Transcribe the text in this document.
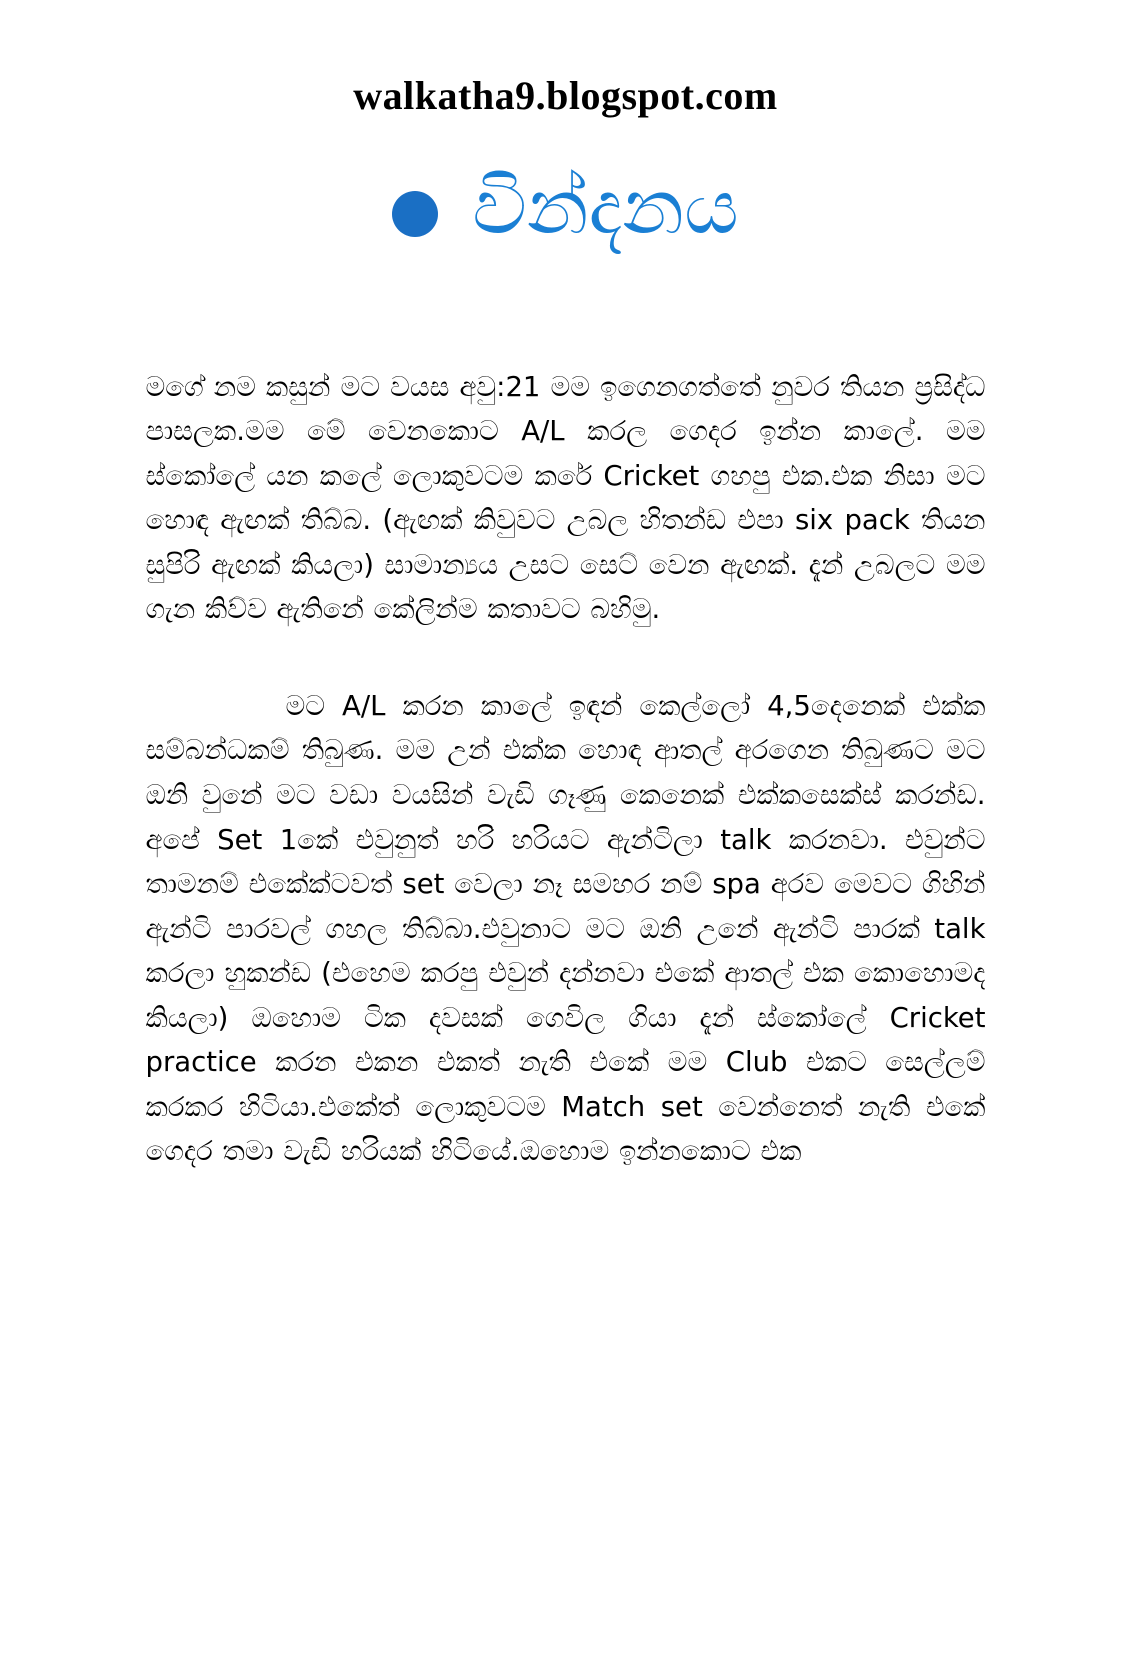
walkatha9.blogspot.com
වින්දනය

මගේ නම කසුන් මට වයස අවු:21 මම ඉගෙනගත්තේ නුවර තියන ප්‍රසිද්ධ පාසලක.මම මේ වෙනකොට A/L කරල ගෙදර ඉන්න කාලේ. මම ස්කෝලේ යන කලේ ලොකුවටම කරේ Cricket ගහපු එක.එක නිසා මට හොඳ ඇඟක් තිබ්බ. (ඇඟක් කිවුවට උබල හිතන්ඩ එපා six pack තියන සුපිරි ඇඟක් කියලා) සාමාන්‍යය උසට සෙට් වෙන ඇඟක්. දැන් උබලට මම ගැන කිව්ව ඇතිනේ කේලින්ම කතාවට බහිමු.

මට A/L කරන කාලේ ඉඳන් කෙල්ලෝ 4,5දෙනෙක් එක්ක සම්බන්ධකම් තිබුණ. මම උන් එක්ක හොඳ ආතල් අරගෙන තිබුණට මට ඔනි වුනේ මට වඩා වයසින් වැඩි ගෑණු කෙනෙක් එක්කසෙක්ස් කරන්ඩ. අපේ Set 1කේ එවුනුත් හරි හරියට ඇන්ටිලා talk කරනවා. එවුන්ට තාමනම් එකේක්ටවත් set වෙලා නෑ සමහර නම් spa අරව මෙවට ගිහින් ඇන්ටි පාරවල් ගහල තිබ්බා.එවුනාට මට ඔනි උනේ ඇන්ටි පාරක් talk කරලා හුකන්ඩ (එහෙම කරපු එවුන් දන්නවා එකේ ආතල් එක කොහොමද කියලා) ඔහොම ටික දවසක් ගෙවිල ගියා දැන් ස්කෝලේ Cricket practice කරන එකන එකත් නැති එකේ මම Club එකට සෙල්ලම් කරකර හිටියා.එකේත් ලොකුවටම Match set වෙන්නෙත් නැති එකේ ගෙදර තමා වැඩි හරියක් හිටියේ.ඔහොම ඉන්නකොට එක
